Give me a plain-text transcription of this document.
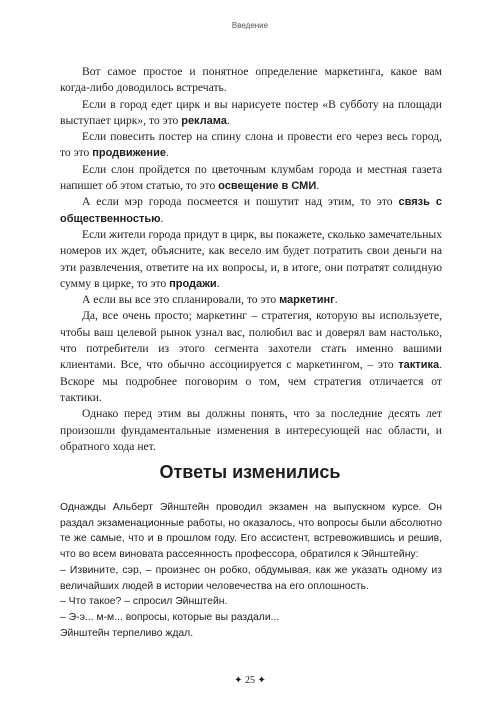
Введение

Вот самое простое и понятное определение маркетинга, какое вам когда-либо доводилось встречать.

Если в город едет цирк и вы нарисуете постер «В субботу на площади выступает цирк», то это реклама.

Если повесить постер на спину слона и провести его через весь город, то это продвижение.

Если слон пройдется по цветочным клумбам города и местная газета напишет об этом статью, то это освещение в СМИ.

А если мэр города посмеется и пошутит над этим, то это связь с общественностью.

Если жители города придут в цирк, вы покажете, сколько замечательных номеров их ждет, объясните, как весело им будет потратить свои деньги на эти развлечения, ответите на их вопросы, и, в итоге, они потратят солидную сумму в цирке, то это продажи.

А если вы все это спланировали, то это маркетинг.

Да, все очень просто; маркетинг – стратегия, которую вы используете, чтобы ваш целевой рынок узнал вас, полюбил вас и доверял вам настолько, что потребители из этого сегмента захотели стать именно вашими клиентами. Все, что обычно ассоциируется с маркетингом, – это тактика. Вскоре мы подробнее поговорим о том, чем стратегия отличается от тактики.

Однако перед этим вы должны понять, что за последние десять лет произошли фундаментальные изменения в интересующей нас области, и обратного хода нет.

Ответы изменились

Однажды Альберт Эйнштейн проводил экзамен на выпускном курсе. Он раздал экзаменационные работы, но оказалось, что вопросы были абсолютно те же самые, что и в прошлом году. Его ассистент, встревожившись и решив, что во всем виновата рассеянность профессора, обратился к Эйнштейну:

– Извините, сэр, – произнес он робко, обдумывая, как же указать одному из величайших людей в истории человечества на его оплошность.

– Что такое? – спросил Эйнштейн.

– Э-э... м-м... вопросы, которые вы раздали...

Эйнштейн терпеливо ждал.

✦ 25 ✦
